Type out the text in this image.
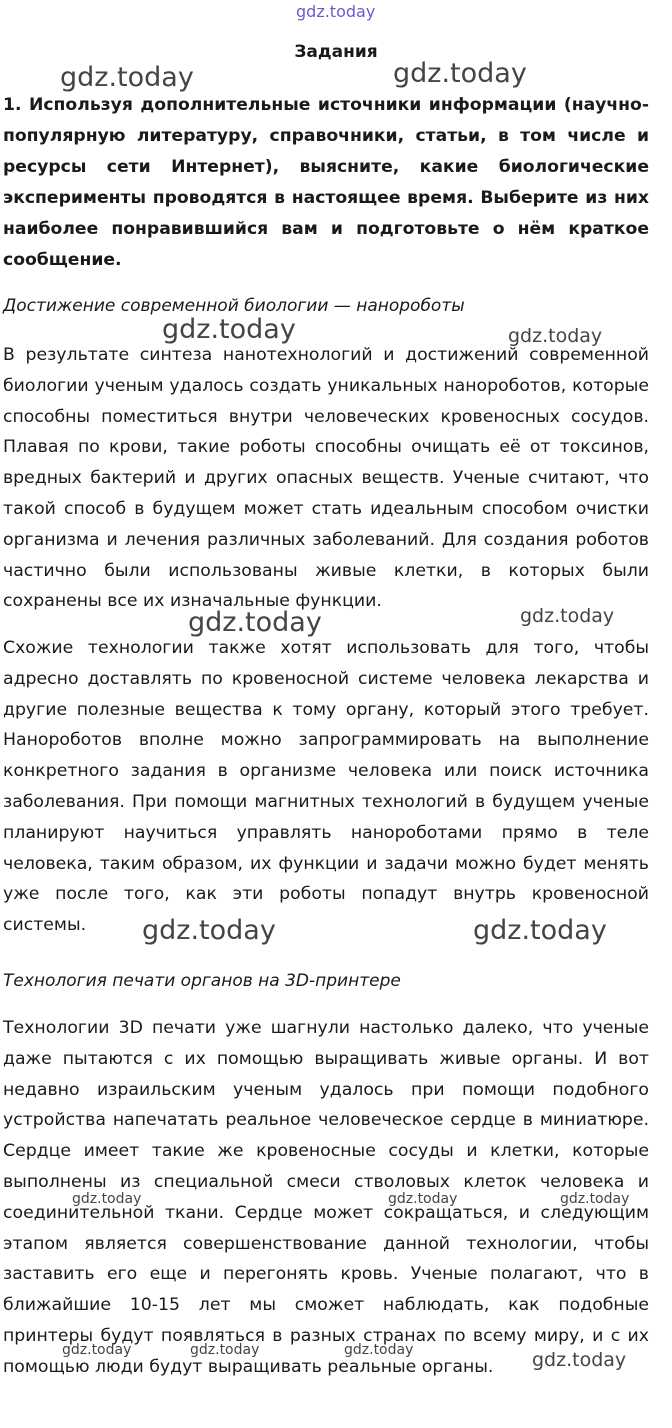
gdz.today
Задания

1. Используя дополнительные источники информации (научно-популярную литературу, справочники, статьи, в том числе и ресурсы сети Интернет), выясните, какие биологические эксперименты проводятся в настоящее время. Выберите из них наиболее понравившийся вам и подготовьте о нём краткое сообщение.

Достижение современной биологии — нанороботы

В результате синтеза нанотехнологий и достижений современной биологии ученым удалось создать уникальных нанороботов, которые способны поместиться внутри человеческих кровеносных сосудов. Плавая по крови, такие роботы способны очищать её от токсинов, вредных бактерий и других опасных веществ. Ученые считают, что такой способ в будущем может стать идеальным способом очистки организма и лечения различных заболеваний. Для создания роботов частично были использованы живые клетки, в которых были сохранены все их изначальные функции.

Схожие технологии также хотят использовать для того, чтобы адресно доставлять по кровеносной системе человека лекарства и другие полезные вещества к тому органу, который этого требует. Нанороботов вполне можно запрограммировать на выполнение конкретного задания в организме человека или поиск источника заболевания. При помощи магнитных технологий в будущем ученые планируют научиться управлять нанороботами прямо в теле человека, таким образом, их функции и задачи можно будет менять уже после того, как эти роботы попадут внутрь кровеносной системы.

Технология печати органов на 3D-принтере

Технологии 3D печати уже шагнули настолько далеко, что ученые даже пытаются с их помощью выращивать живые органы. И вот недавно израильским ученым удалось при помощи подобного устройства напечатать реальное человеческое сердце в миниатюре. Сердце имеет такие же кровеносные сосуды и клетки, которые выполнены из специальной смеси стволовых клеток человека и соединительной ткани. Сердце может сокращаться, и следующим этапом является совершенствование данной технологии, чтобы заставить его еще и перегонять кровь. Ученые полагают, что в ближайшие 10-15 лет мы сможет наблюдать, как подобные принтеры будут появляться в разных странах по всему миру, и с их помощью люди будут выращивать реальные органы.

gdz.today	gdz.today
gdz.today	gdz.today
gdz.today	gdz.today
gdz.today	gdz.today
gdz.today	gdz.today	gdz.today
gdz.today	gdz.today	gdz.today	gdz.today
